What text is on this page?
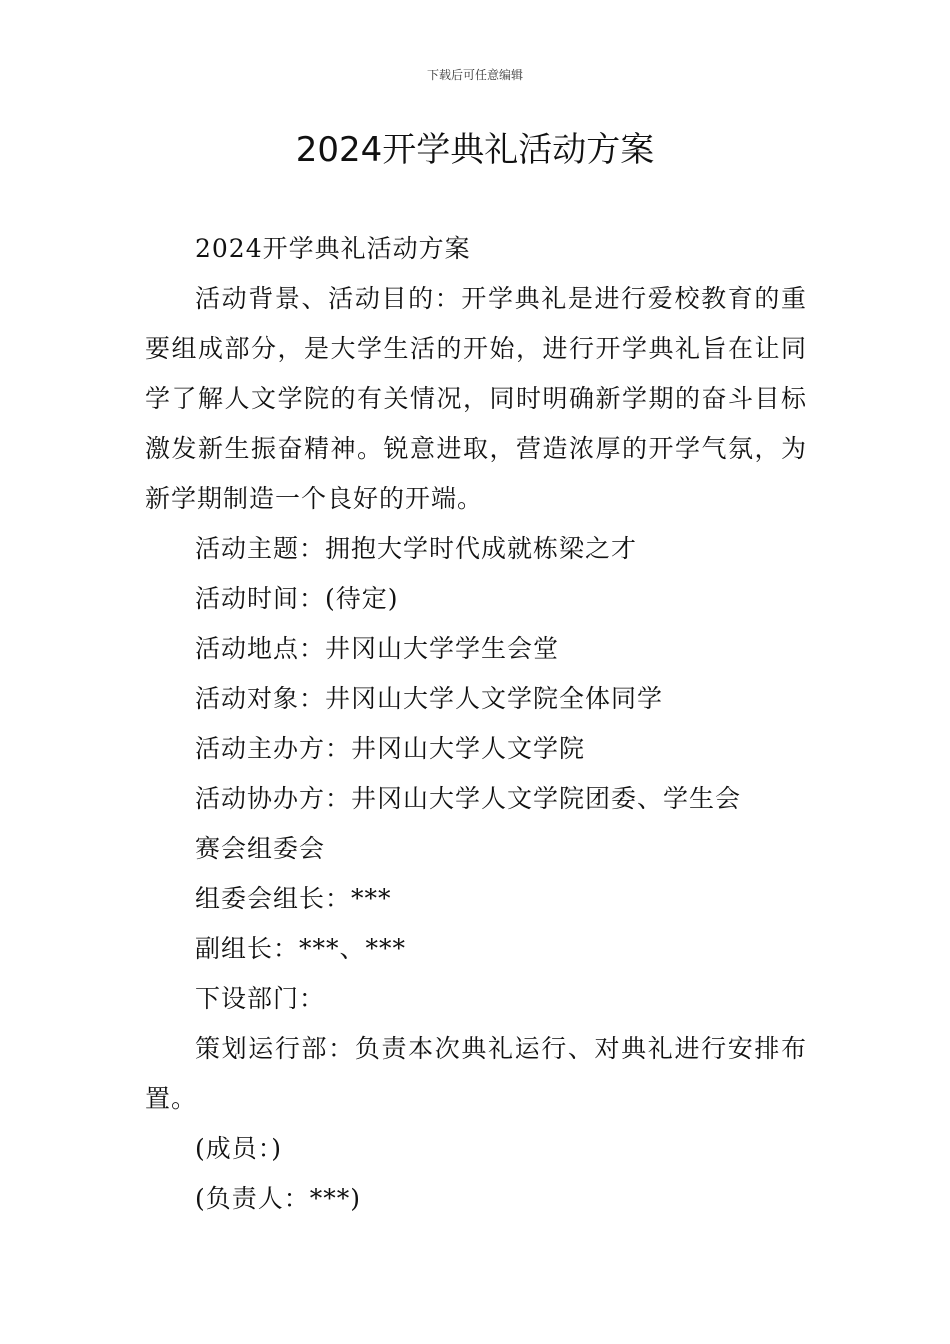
下载后可任意编辑
2024开学典礼活动方案

2024开学典礼活动方案

活动背景、活动目的：开学典礼是进行爱校教育的重要组成部分，是大学生活的开始，进行开学典礼旨在让同学了解人文学院的有关情况，同时明确新学期的奋斗目标激发新生振奋精神。锐意进取，营造浓厚的开学气氛，为新学期制造一个良好的开端。

活动主题：拥抱大学时代成就栋梁之才

活动时间：(待定)

活动地点：井冈山大学学生会堂

活动对象：井冈山大学人文学院全体同学

活动主办方：井冈山大学人文学院

活动协办方：井冈山大学人文学院团委、学生会

赛会组委会

组委会组长：***

副组长：***、***

下设部门：

策划运行部：负责本次典礼运行、对典礼进行安排布置。

(成员：)

(负责人：***)
